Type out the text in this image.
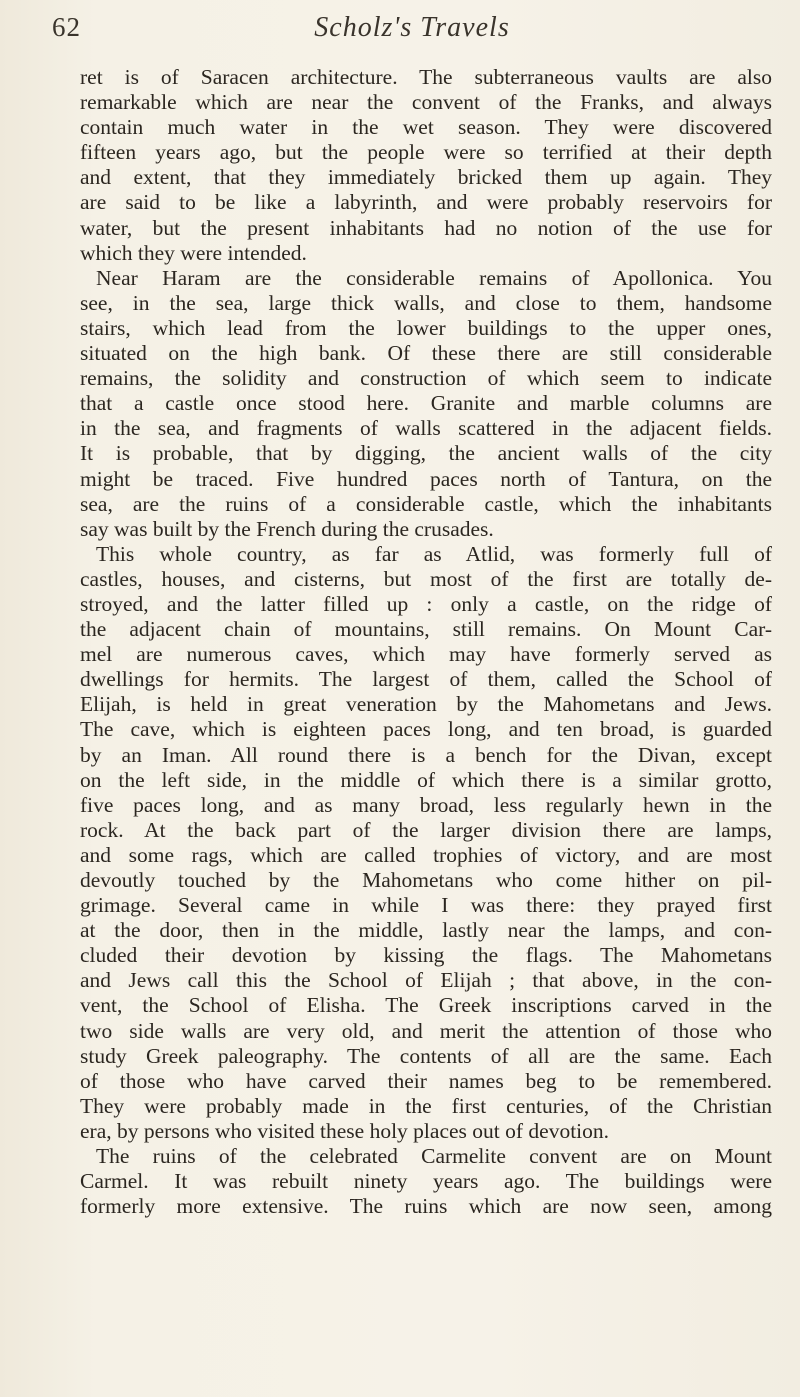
62	Scholz's Travels
ret is of Saracen architecture. The subterraneous vaults are also
remarkable which are near the convent of the Franks, and always
contain much water in the wet season. They were discovered
fifteen years ago, but the people were so terrified at their depth
and extent, that they immediately bricked them up again. They
are said to be like a labyrinth, and were probably reservoirs for
water, but the present inhabitants had no notion of the use for
which they were intended.
Near Haram are the considerable remains of Apollonica. You
see, in the sea, large thick walls, and close to them, handsome
stairs, which lead from the lower buildings to the upper ones,
situated on the high bank. Of these there are still considerable
remains, the solidity and construction of which seem to indicate
that a castle once stood here. Granite and marble columns are
in the sea, and fragments of walls scattered in the adjacent fields.
It is probable, that by digging, the ancient walls of the city
might be traced. Five hundred paces north of Tantura, on the
sea, are the ruins of a considerable castle, which the inhabitants
say was built by the French during the crusades.
This whole country, as far as Atlid, was formerly full of
castles, houses, and cisterns, but most of the first are totally de-
stroyed, and the latter filled up : only a castle, on the ridge of
the adjacent chain of mountains, still remains. On Mount Car-
mel are numerous caves, which may have formerly served as
dwellings for hermits. The largest of them, called the School of
Elijah, is held in great veneration by the Mahometans and Jews.
The cave, which is eighteen paces long, and ten broad, is guarded
by an Iman. All round there is a bench for the Divan, except
on the left side, in the middle of which there is a similar grotto,
five paces long, and as many broad, less regularly hewn in the
rock. At the back part of the larger division there are lamps,
and some rags, which are called trophies of victory, and are most
devoutly touched by the Mahometans who come hither on pil-
grimage. Several came in while I was there: they prayed first
at the door, then in the middle, lastly near the lamps, and con-
cluded their devotion by kissing the flags. The Mahometans
and Jews call this the School of Elijah ; that above, in the con-
vent, the School of Elisha. The Greek inscriptions carved in the
two side walls are very old, and merit the attention of those who
study Greek paleography. The contents of all are the same. Each
of those who have carved their names beg to be remembered.
They were probably made in the first centuries, of the Christian
era, by persons who visited these holy places out of devotion.
The ruins of the celebrated Carmelite convent are on Mount
Carmel. It was rebuilt ninety years ago. The buildings were
formerly more extensive. The ruins which are now seen, among
